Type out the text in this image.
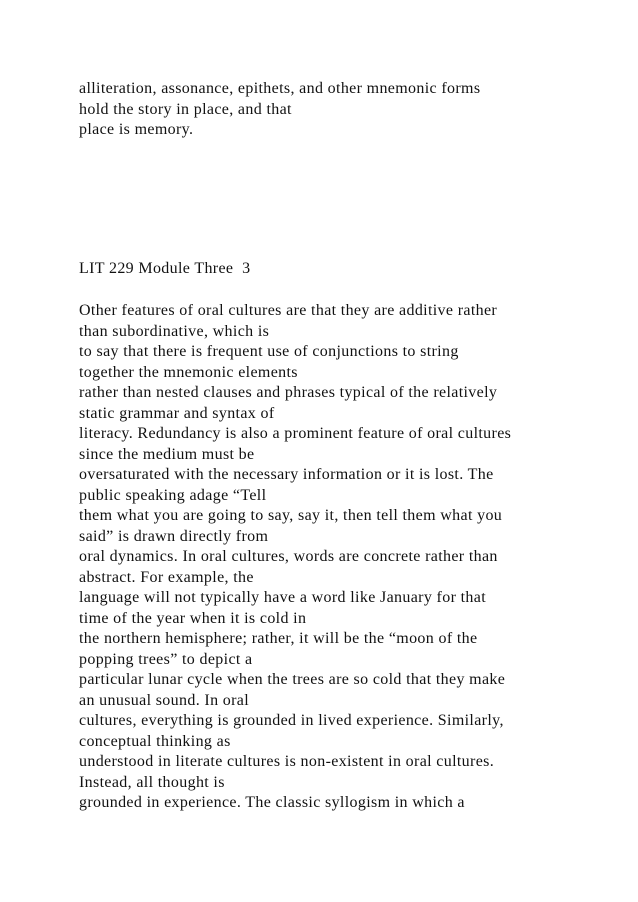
alliteration, assonance, epithets, and other mnemonic forms
hold the story in place, and that
place is memory.
LIT 229 Module Three  3
Other features of oral cultures are that they are additive rather
than subordinative, which is
to say that there is frequent use of conjunctions to string
together the mnemonic elements
rather than nested clauses and phrases typical of the relatively
static grammar and syntax of
literacy. Redundancy is also a prominent feature of oral cultures
since the medium must be
oversaturated with the necessary information or it is lost. The
public speaking adage “Tell
them what you are going to say, say it, then tell them what you
said” is drawn directly from
oral dynamics. In oral cultures, words are concrete rather than
abstract. For example, the
language will not typically have a word like January for that
time of the year when it is cold in
the northern hemisphere; rather, it will be the “moon of the
popping trees” to depict a
particular lunar cycle when the trees are so cold that they make
an unusual sound. In oral
cultures, everything is grounded in lived experience. Similarly,
conceptual thinking as
understood in literate cultures is non-existent in oral cultures.
Instead, all thought is
grounded in experience. The classic syllogism in which a
